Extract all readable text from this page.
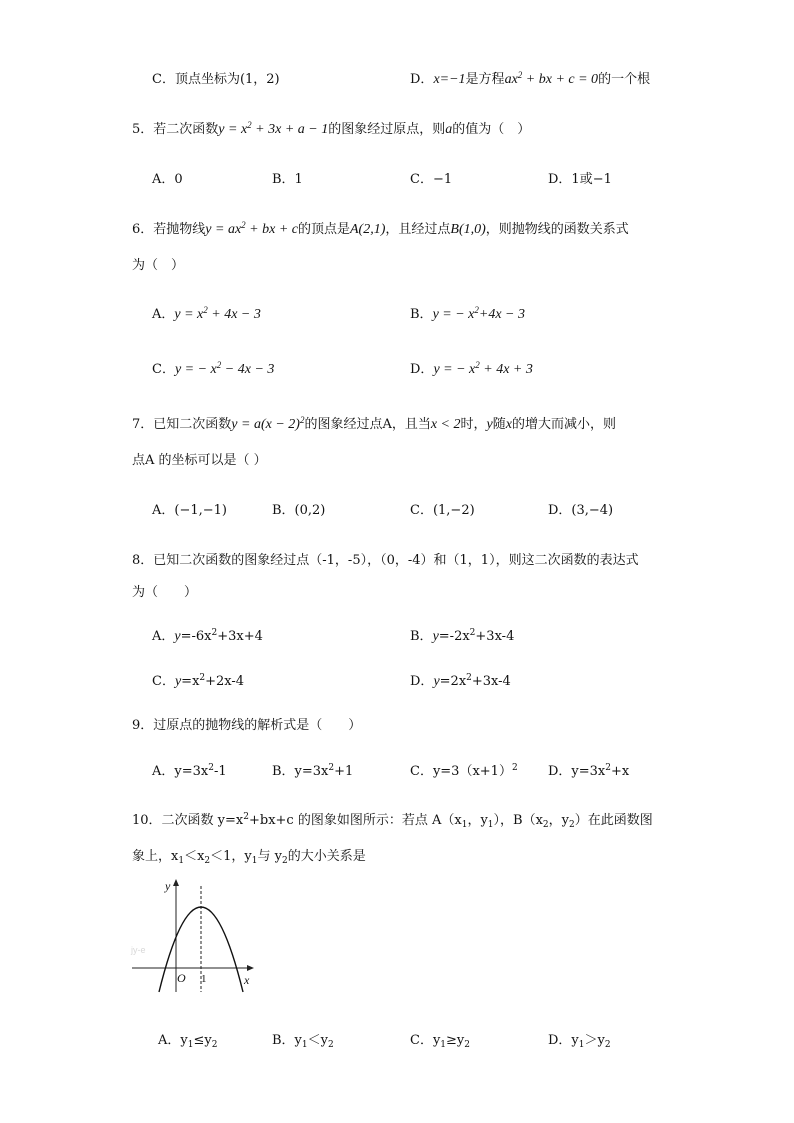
C．顶点坐标为(1，2)	D．x=−1是方程$ax^2$ + bx + c = 0的一个根
5．若二次函数$y = x^2 + 3x + a - 1$的图象经过原点，则a的值为（　）
A．0	B．1	C．−1	D．1或−1
6．若抛物线$y = ax^2$ + bx + c的顶点是A(2,1)，且经过点B(1,0)，则抛物线的函数关系式
为（　）
A．$y = x^2 + 4x - 3$	B．y = − $x^2+4x - 3$
C．y = − $x^2 - 4x - 3$	D．y = − $x^2 + 4x + 3$
7．已知二次函数$y = a(x - 2)^2$的图象经过点A，且当x < 2时，y随x的增大而减小，则
点A 的坐标可以是（ ）
A．(−1,−1)	B．(0,2)	C．(1,−2)	D．(3,−4)
8．已知二次函数的图象经过点（-1，-5），（0，-4）和（1，1），则这二次函数的表达式
为（　　）
A．$y=-6x^2+3x+4$	B．$y=-2x^2+3x-4$
C．$y=x^2+2x-4$	D．$y=2x^2+3x-4$
9．过原点的抛物线的解析式是（　　）
A．$y=3x^2-1$	B．$y=3x^2+1$	C．$y=3(x+1)^2$ D．$y=3x^2+x$
10．二次函数 $y=x^2+bx+c$ 的图象如图所示：若点 $A(x_1$，$y_1$），$B(x_2$，$y_2$）在此函数图
象上，$x_1<x_2<1$，$y_1$与 $y_2$的大小关系是
jy-e
y
x
O 1
A．$y_1\le y_2$	B．$y_1<y_2$	C．$y_1\ge y_2$	D．$y_1>y_2$
